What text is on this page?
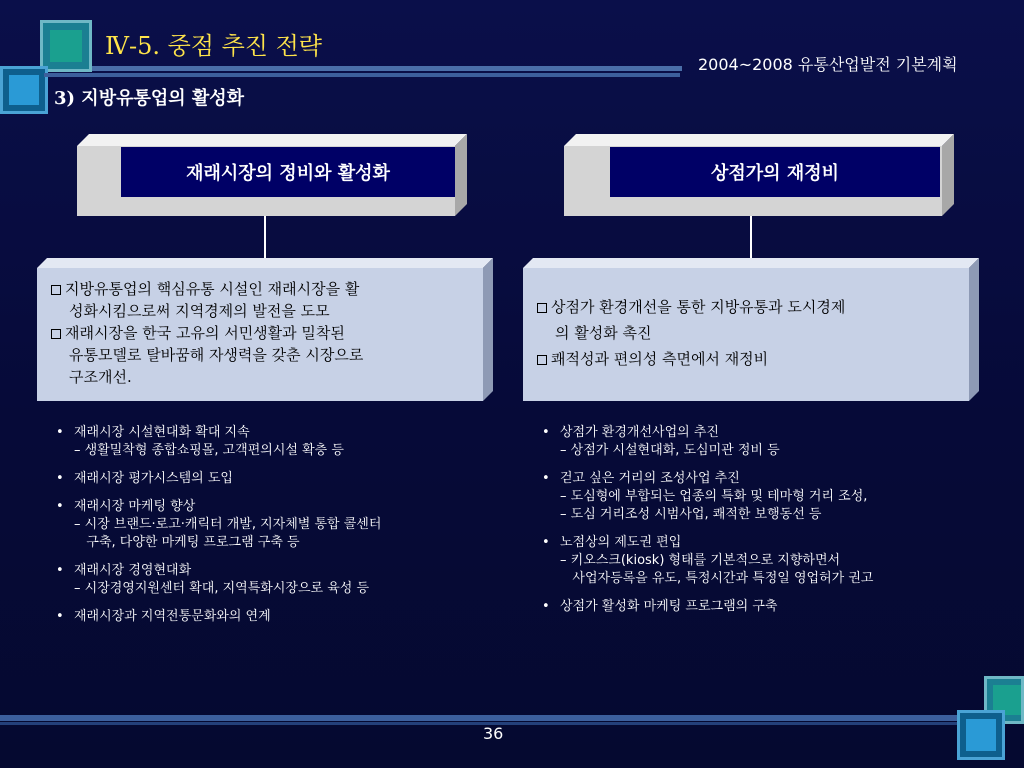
Ⅳ-5. 중점 추진 전략
2004~2008 유통산업발전 기본계획
3) 지방유통업의 활성화
재래시장의 정비와 활성화	상점가의 재정비
지방유통업의 핵심유통 시설인 재래시장을 활
성화시킴으로써 지역경제의 발전을 도모
재래시장을 한국 고유의 서민생활과 밀착된
유통모델로 탈바꿈해 자생력을 갖춘 시장으로
구조개선.
상점가 환경개선을 통한 지방유통과 도시경제
의 활성화 촉진
쾌적성과 편의성 측면에서 재정비
• 재래시장 시설현대화 확대 지속
– 생활밀착형 종합쇼핑몰, 고객편의시설 확충 등
• 재래시장 평가시스템의 도입
• 재래시장 마케팅 향상
– 시장 브랜드·로고·캐릭터 개발, 지자체별 통합 콜센터
구축, 다양한 마케팅 프로그램 구축 등
• 재래시장 경영현대화
– 시장경영지원센터 확대, 지역특화시장으로 육성 등
• 재래시장과 지역전통문화와의 연계
• 상점가 환경개선사업의 추진
– 상점가 시설현대화, 도심미관 정비 등
• 걷고 싶은 거리의 조성사업 추진
– 도심형에 부합되는 업종의 특화 및 테마형 거리 조성,
– 도심 거리조성 시범사업, 쾌적한 보행동선 등
• 노점상의 제도권 편입
– 키오스크(kiosk) 형태를 기본적으로 지향하면서
사업자등록을 유도, 특정시간과 특정일 영업허가 권고
• 상점가 활성화 마케팅 프로그램의 구축
36
